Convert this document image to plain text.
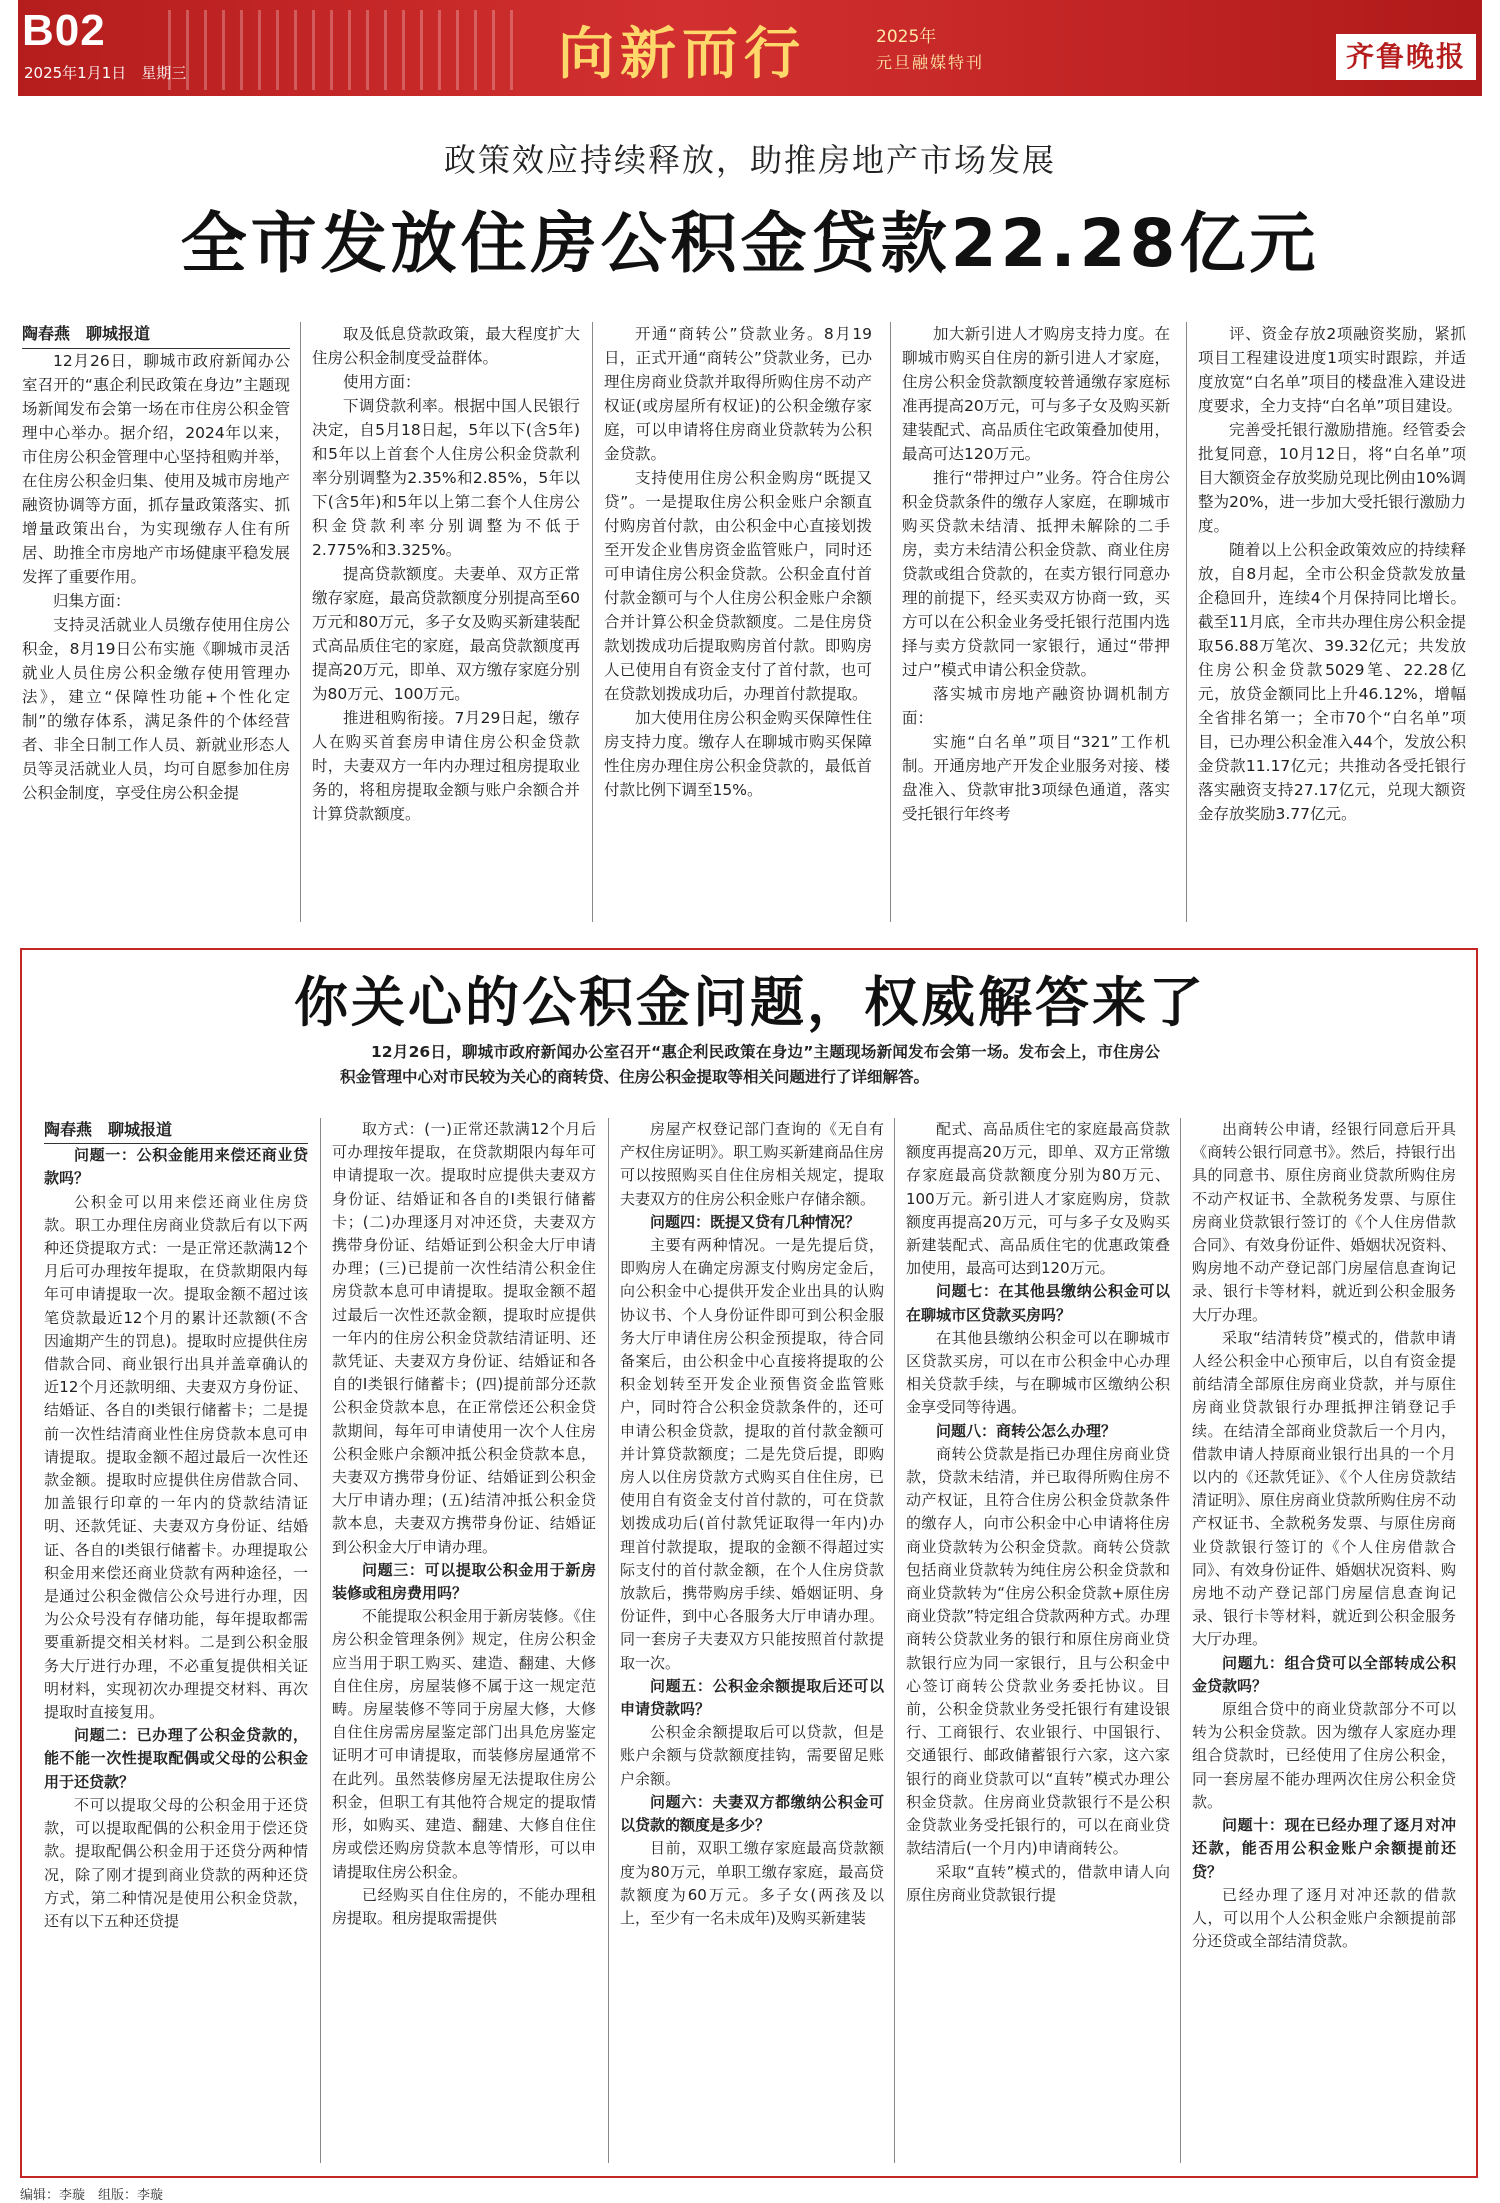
B02
2025年1月1日　星期三	向新而行	2025年
元旦融媒特刊	齐鲁晚报
政策效应持续释放，助推房地产市场发展
全市发放住房公积金贷款22.28亿元

陶春燕　聊城报道

12月26日，聊城市政府新闻办公室召开的“惠企利民政策在身边”主题现场新闻发布会第一场在市住房公积金管理中心举办。据介绍，2024年以来，市住房公积金管理中心坚持租购并举，在住房公积金归集、使用及城市房地产融资协调等方面，抓存量政策落实、抓增量政策出台，为实现缴存人住有所居、助推全市房地产市场健康平稳发展发挥了重要作用。

归集方面：

支持灵活就业人员缴存使用住房公积金，8月19日公布实施《聊城市灵活就业人员住房公积金缴存使用管理办法》，建立“保障性功能+个性化定制”的缴存体系，满足条件的个体经营者、非全日制工作人员、新就业形态人员等灵活就业人员，均可自愿参加住房公积金制度，享受住房公积金提

取及低息贷款政策，最大程度扩大住房公积金制度受益群体。

使用方面：

下调贷款利率。根据中国人民银行决定，自5月18日起，5年以下(含5年)和5年以上首套个人住房公积金贷款利率分别调整为2.35%和2.85%，5年以下(含5年)和5年以上第二套个人住房公积金贷款利率分别调整为不低于2.775%和3.325%。

提高贷款额度。夫妻单、双方正常缴存家庭，最高贷款额度分别提高至60万元和80万元，多子女及购买新建装配式高品质住宅的家庭，最高贷款额度再提高20万元，即单、双方缴存家庭分别为80万元、100万元。

推进租购衔接。7月29日起，缴存人在购买首套房申请住房公积金贷款时，夫妻双方一年内办理过租房提取业务的，将租房提取金额与账户余额合并计算贷款额度。

开通“商转公”贷款业务。8月19日，正式开通“商转公”贷款业务，已办理住房商业贷款并取得所购住房不动产权证(或房屋所有权证)的公积金缴存家庭，可以申请将住房商业贷款转为公积金贷款。

支持使用住房公积金购房“既提又贷”。一是提取住房公积金账户余额直付购房首付款，由公积金中心直接划拨至开发企业售房资金监管账户，同时还可申请住房公积金贷款。公积金直付首付款金额可与个人住房公积金账户余额合并计算公积金贷款额度。二是住房贷款划拨成功后提取购房首付款。即购房人已使用自有资金支付了首付款，也可在贷款划拨成功后，办理首付款提取。

加大使用住房公积金购买保障性住房支持力度。缴存人在聊城市购买保障性住房办理住房公积金贷款的，最低首付款比例下调至15%。

加大新引进人才购房支持力度。在聊城市购买自住房的新引进人才家庭，住房公积金贷款额度较普通缴存家庭标准再提高20万元，可与多子女及购买新建装配式、高品质住宅政策叠加使用，最高可达120万元。

推行“带押过户”业务。符合住房公积金贷款条件的缴存人家庭，在聊城市购买贷款未结清、抵押未解除的二手房，卖方未结清公积金贷款、商业住房贷款或组合贷款的，在卖方银行同意办理的前提下，经买卖双方协商一致，买方可以在公积金业务受托银行范围内选择与卖方贷款同一家银行，通过“带押过户”模式申请公积金贷款。

落实城市房地产融资协调机制方面：

实施“白名单”项目“321”工作机制。开通房地产开发企业服务对接、楼盘准入、贷款审批3项绿色通道，落实受托银行年终考

评、资金存放2项融资奖励，紧抓项目工程建设进度1项实时跟踪，并适度放宽“白名单”项目的楼盘准入建设进度要求，全力支持“白名单”项目建设。

完善受托银行激励措施。经管委会批复同意，10月12日，将“白名单”项目大额资金存放奖励兑现比例由10%调整为20%，进一步加大受托银行激励力度。

随着以上公积金政策效应的持续释放，自8月起，全市公积金贷款发放量企稳回升，连续4个月保持同比增长。截至11月底，全市共办理住房公积金提取56.88万笔次、39.32亿元；共发放住房公积金贷款5029笔、22.28亿元，放贷金额同比上升46.12%，增幅全省排名第一；全市70个“白名单”项目，已办理公积金准入44个，发放公积金贷款11.17亿元；共推动各受托银行落实融资支持27.17亿元，兑现大额资金存放奖励3.77亿元。

你关心的公积金问题，权威解答来了

12月26日，聊城市政府新闻办公室召开“惠企利民政策在身边”主题现场新闻发布会第一场。发布会上，市住房公积金管理中心对市民较为关心的商转贷、住房公积金提取等相关问题进行了详细解答。

陶春燕　聊城报道

问题一：公积金能用来偿还商业贷款吗？

公积金可以用来偿还商业住房贷款。职工办理住房商业贷款后有以下两种还贷提取方式：一是正常还款满12个月后可办理按年提取，在贷款期限内每年可申请提取一次。提取金额不超过该笔贷款最近12个月的累计还款额(不含因逾期产生的罚息)。提取时应提供住房借款合同、商业银行出具并盖章确认的近12个月还款明细、夫妻双方身份证、结婚证、各自的Ⅰ类银行储蓄卡；二是提前一次性结清商业性住房贷款本息可申请提取。提取金额不超过最后一次性还款金额。提取时应提供住房借款合同、加盖银行印章的一年内的贷款结清证明、还款凭证、夫妻双方身份证、结婚证、各自的Ⅰ类银行储蓄卡。办理提取公积金用来偿还商业贷款有两种途径，一是通过公积金微信公众号进行办理，因为公众号没有存储功能，每年提取都需要重新提交相关材料。二是到公积金服务大厅进行办理，不必重复提供相关证明材料，实现初次办理提交材料、再次提取时直接复用。

问题二：已办理了公积金贷款的，能不能一次性提取配偶或父母的公积金用于还贷款？

不可以提取父母的公积金用于还贷款，可以提取配偶的公积金用于偿还贷款。提取配偶公积金用于还贷分两种情况，除了刚才提到商业贷款的两种还贷方式，第二种情况是使用公积金贷款，还有以下五种还贷提

取方式：(一)正常还款满12个月后可办理按年提取，在贷款期限内每年可申请提取一次。提取时应提供夫妻双方身份证、结婚证和各自的Ⅰ类银行储蓄卡；(二)办理逐月对冲还贷，夫妻双方携带身份证、结婚证到公积金大厅申请办理；(三)已提前一次性结清公积金住房贷款本息可申请提取。提取金额不超过最后一次性还款金额，提取时应提供一年内的住房公积金贷款结清证明、还款凭证、夫妻双方身份证、结婚证和各自的Ⅰ类银行储蓄卡；(四)提前部分还款公积金贷款本息，在正常偿还公积金贷款期间，每年可申请使用一次个人住房公积金账户余额冲抵公积金贷款本息，夫妻双方携带身份证、结婚证到公积金大厅申请办理；(五)结清冲抵公积金贷款本息，夫妻双方携带身份证、结婚证到公积金大厅申请办理。

问题三：可以提取公积金用于新房装修或租房费用吗？

不能提取公积金用于新房装修。《住房公积金管理条例》规定，住房公积金应当用于职工购买、建造、翻建、大修自住住房，房屋装修不属于这一规定范畴。房屋装修不等同于房屋大修，大修自住住房需房屋鉴定部门出具危房鉴定证明才可申请提取，而装修房屋通常不在此列。虽然装修房屋无法提取住房公积金，但职工有其他符合规定的提取情形，如购买、建造、翻建、大修自住住房或偿还购房贷款本息等情形，可以申请提取住房公积金。

已经购买自住住房的，不能办理租房提取。租房提取需提供

房屋产权登记部门查询的《无自有产权住房证明》。职工购买新建商品住房可以按照购买自住住房相关规定，提取夫妻双方的住房公积金账户存储余额。

问题四：既提又贷有几种情况？

主要有两种情况。一是先提后贷，即购房人在确定房源支付购房定金后，向公积金中心提供开发企业出具的认购协议书、个人身份证件即可到公积金服务大厅申请住房公积金预提取，待合同备案后，由公积金中心直接将提取的公积金划转至开发企业预售资金监管账户，同时符合公积金贷款条件的，还可申请公积金贷款，提取的首付款金额可并计算贷款额度；二是先贷后提，即购房人以住房贷款方式购买自住住房，已使用自有资金支付首付款的，可在贷款划拨成功后(首付款凭证取得一年内)办理首付款提取，提取的金额不得超过实际支付的首付款金额，在个人住房贷款放款后，携带购房手续、婚姻证明、身份证件，到中心各服务大厅申请办理。同一套房子夫妻双方只能按照首付款提取一次。

问题五：公积金余额提取后还可以申请贷款吗？

公积金余额提取后可以贷款，但是账户余额与贷款额度挂钩，需要留足账户余额。

问题六：夫妻双方都缴纳公积金可以贷款的额度是多少？

目前，双职工缴存家庭最高贷款额度为80万元，单职工缴存家庭，最高贷款额度为60万元。多子女(两孩及以上，至少有一名未成年)及购买新建装

配式、高品质住宅的家庭最高贷款额度再提高20万元，即单、双方正常缴存家庭最高贷款额度分别为80万元、100万元。新引进人才家庭购房，贷款额度再提高20万元，可与多子女及购买新建装配式、高品质住宅的优惠政策叠加使用，最高可达到120万元。

问题七：在其他县缴纳公积金可以在聊城市区贷款买房吗？

在其他县缴纳公积金可以在聊城市区贷款买房，可以在市公积金中心办理相关贷款手续，与在聊城市区缴纳公积金享受同等待遇。

问题八：商转公怎么办理？

商转公贷款是指已办理住房商业贷款，贷款未结清，并已取得所购住房不动产权证，且符合住房公积金贷款条件的缴存人，向市公积金中心申请将住房商业贷款转为公积金贷款。商转公贷款包括商业贷款转为纯住房公积金贷款和商业贷款转为“住房公积金贷款+原住房商业贷款”特定组合贷款两种方式。办理商转公贷款业务的银行和原住房商业贷款银行应为同一家银行，且与公积金中心签订商转公贷款业务委托协议。目前，公积金贷款业务受托银行有建设银行、工商银行、农业银行、中国银行、交通银行、邮政储蓄银行六家，这六家银行的商业贷款可以“直转”模式办理公积金贷款。住房商业贷款银行不是公积金贷款业务受托银行的，可以在商业贷款结清后(一个月内)申请商转公。

采取“直转”模式的，借款申请人向原住房商业贷款银行提

出商转公申请，经银行同意后开具《商转公银行同意书》。然后，持银行出具的同意书、原住房商业贷款所购住房不动产权证书、全款税务发票、与原住房商业贷款银行签订的《个人住房借款合同》、有效身份证件、婚姻状况资料、购房地不动产登记部门房屋信息查询记录、银行卡等材料，就近到公积金服务大厅办理。

采取“结清转贷”模式的，借款申请人经公积金中心预审后，以自有资金提前结清全部原住房商业贷款，并与原住房商业贷款银行办理抵押注销登记手续。在结清全部商业贷款后一个月内，借款申请人持原商业银行出具的一个月以内的《还款凭证》、《个人住房贷款结清证明》、原住房商业贷款所购住房不动产权证书、全款税务发票、与原住房商业贷款银行签订的《个人住房借款合同》、有效身份证件、婚姻状况资料、购房地不动产登记部门房屋信息查询记录、银行卡等材料，就近到公积金服务大厅办理。

问题九：组合贷可以全部转成公积金贷款吗？

原组合贷中的商业贷款部分不可以转为公积金贷款。因为缴存人家庭办理组合贷款时，已经使用了住房公积金，同一套房屋不能办理两次住房公积金贷款。

问题十：现在已经办理了逐月对冲还款，能否用公积金账户余额提前还贷？

已经办理了逐月对冲还款的借款人，可以用个人公积金账户余额提前部分还贷或全部结清贷款。

编辑：李璇　组版：李璇
